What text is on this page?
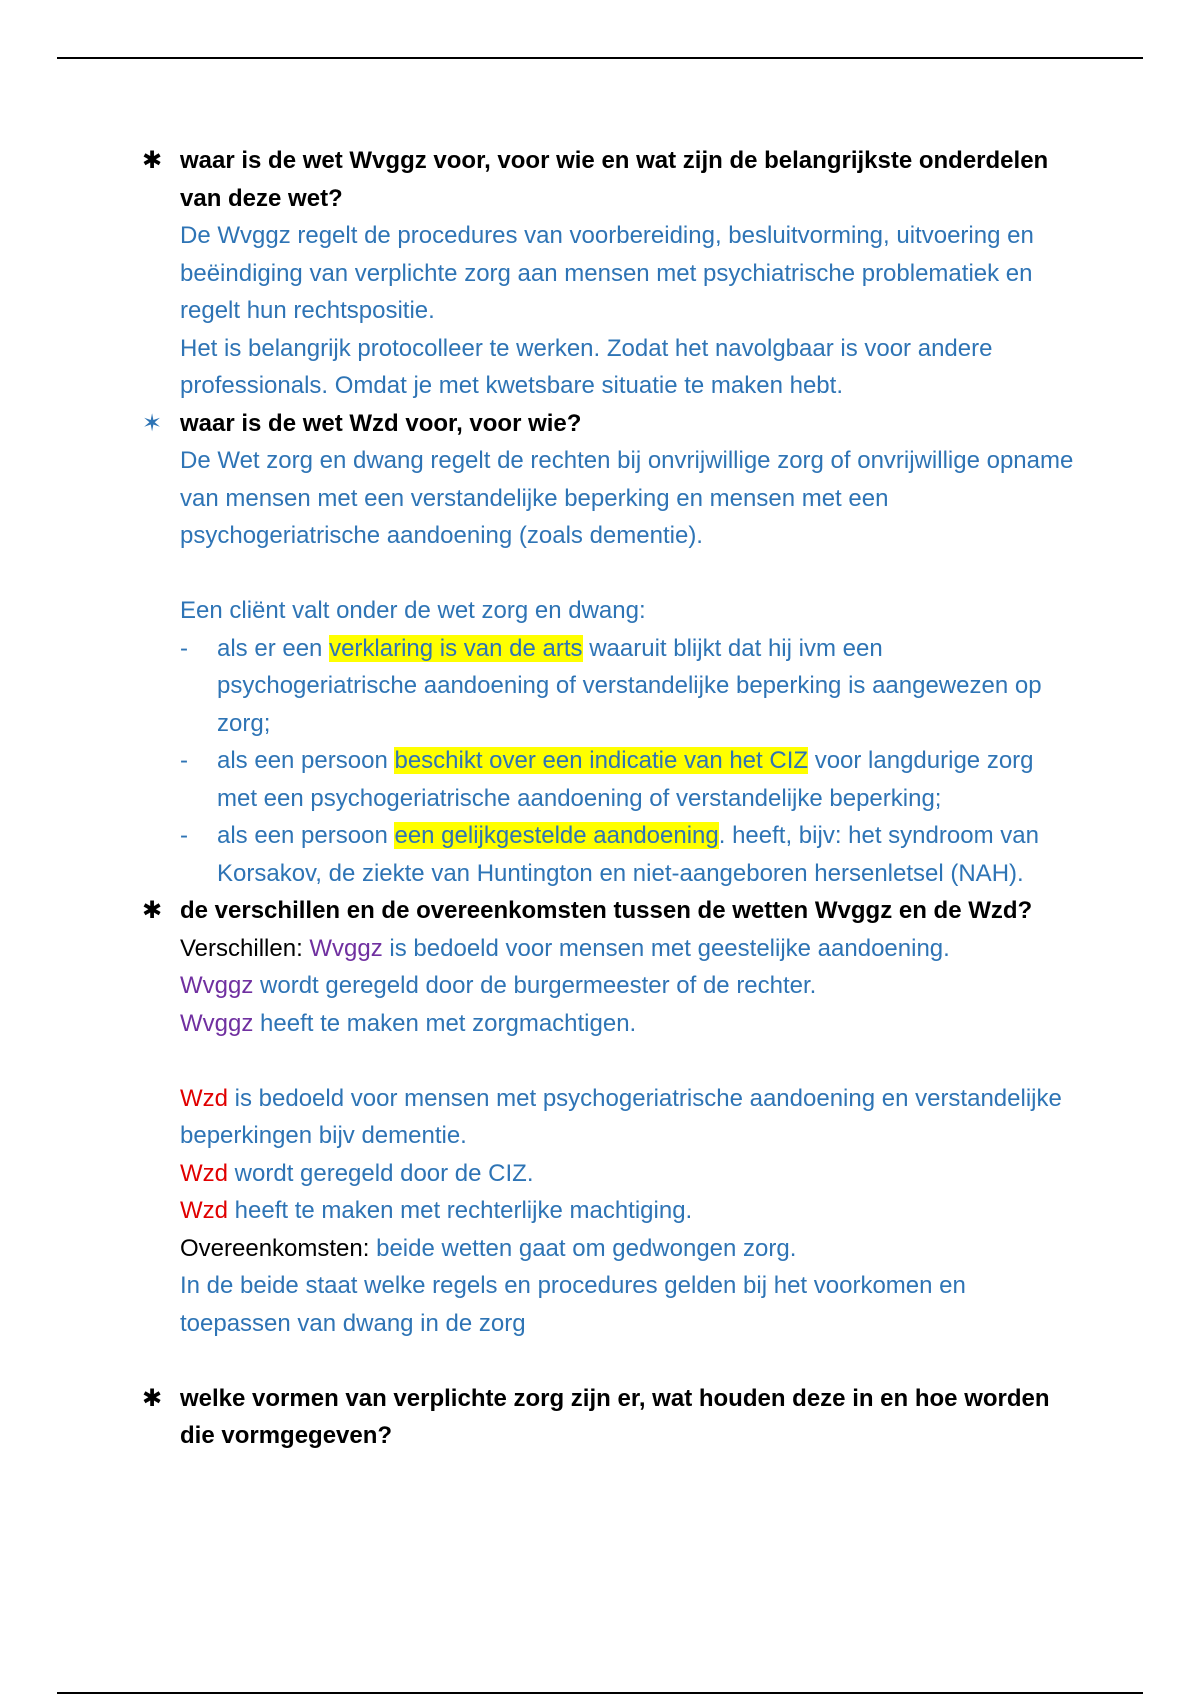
✱ waar is de wet Wvggz voor, voor wie en wat zijn de belangrijkste onderdelen van deze wet?
De Wvggz regelt de procedures van voorbereiding, besluitvorming, uitvoering en beëindiging van verplichte zorg aan mensen met psychiatrische problematiek en regelt hun rechtspositie.
Het is belangrijk protocolleer te werken. Zodat het navolgbaar is voor andere professionals. Omdat je met kwetsbare situatie te maken hebt.
✶ waar is de wet Wzd voor, voor wie?
De Wet zorg en dwang regelt de rechten bij onvrijwillige zorg of onvrijwillige opname van mensen met een verstandelijke beperking en mensen met een psychogeriatrische aandoening (zoals dementie).
Een cliënt valt onder de wet zorg en dwang:
- als er een verklaring is van de arts waaruit blijkt dat hij ivm een psychogeriatrische aandoening of verstandelijke beperking is aangewezen op zorg;
- als een persoon beschikt over een indicatie van het CIZ voor langdurige zorg met een psychogeriatrische aandoening of verstandelijke beperking;
- als een persoon een gelijkgestelde aandoening. heeft, bijv: het syndroom van Korsakov, de ziekte van Huntington en niet-aangeboren hersenletsel (NAH).
✱ de verschillen en de overeenkomsten tussen de wetten Wvggz en de Wzd?
Verschillen: Wvggz is bedoeld voor mensen met geestelijke aandoening.
Wvggz wordt geregeld door de burgermeester of de rechter.
Wvggz heeft te maken met zorgmachtigen.
Wzd is bedoeld voor mensen met psychogeriatrische aandoening en verstandelijke beperkingen bijv dementie.
Wzd wordt geregeld door de CIZ.
Wzd heeft te maken met rechterlijke machtiging.
Overeenkomsten: beide wetten gaat om gedwongen zorg.
In de beide staat welke regels en procedures gelden bij het voorkomen en toepassen van dwang in de zorg
✱ welke vormen van verplichte zorg zijn er, wat houden deze in en hoe worden die vormgegeven?
